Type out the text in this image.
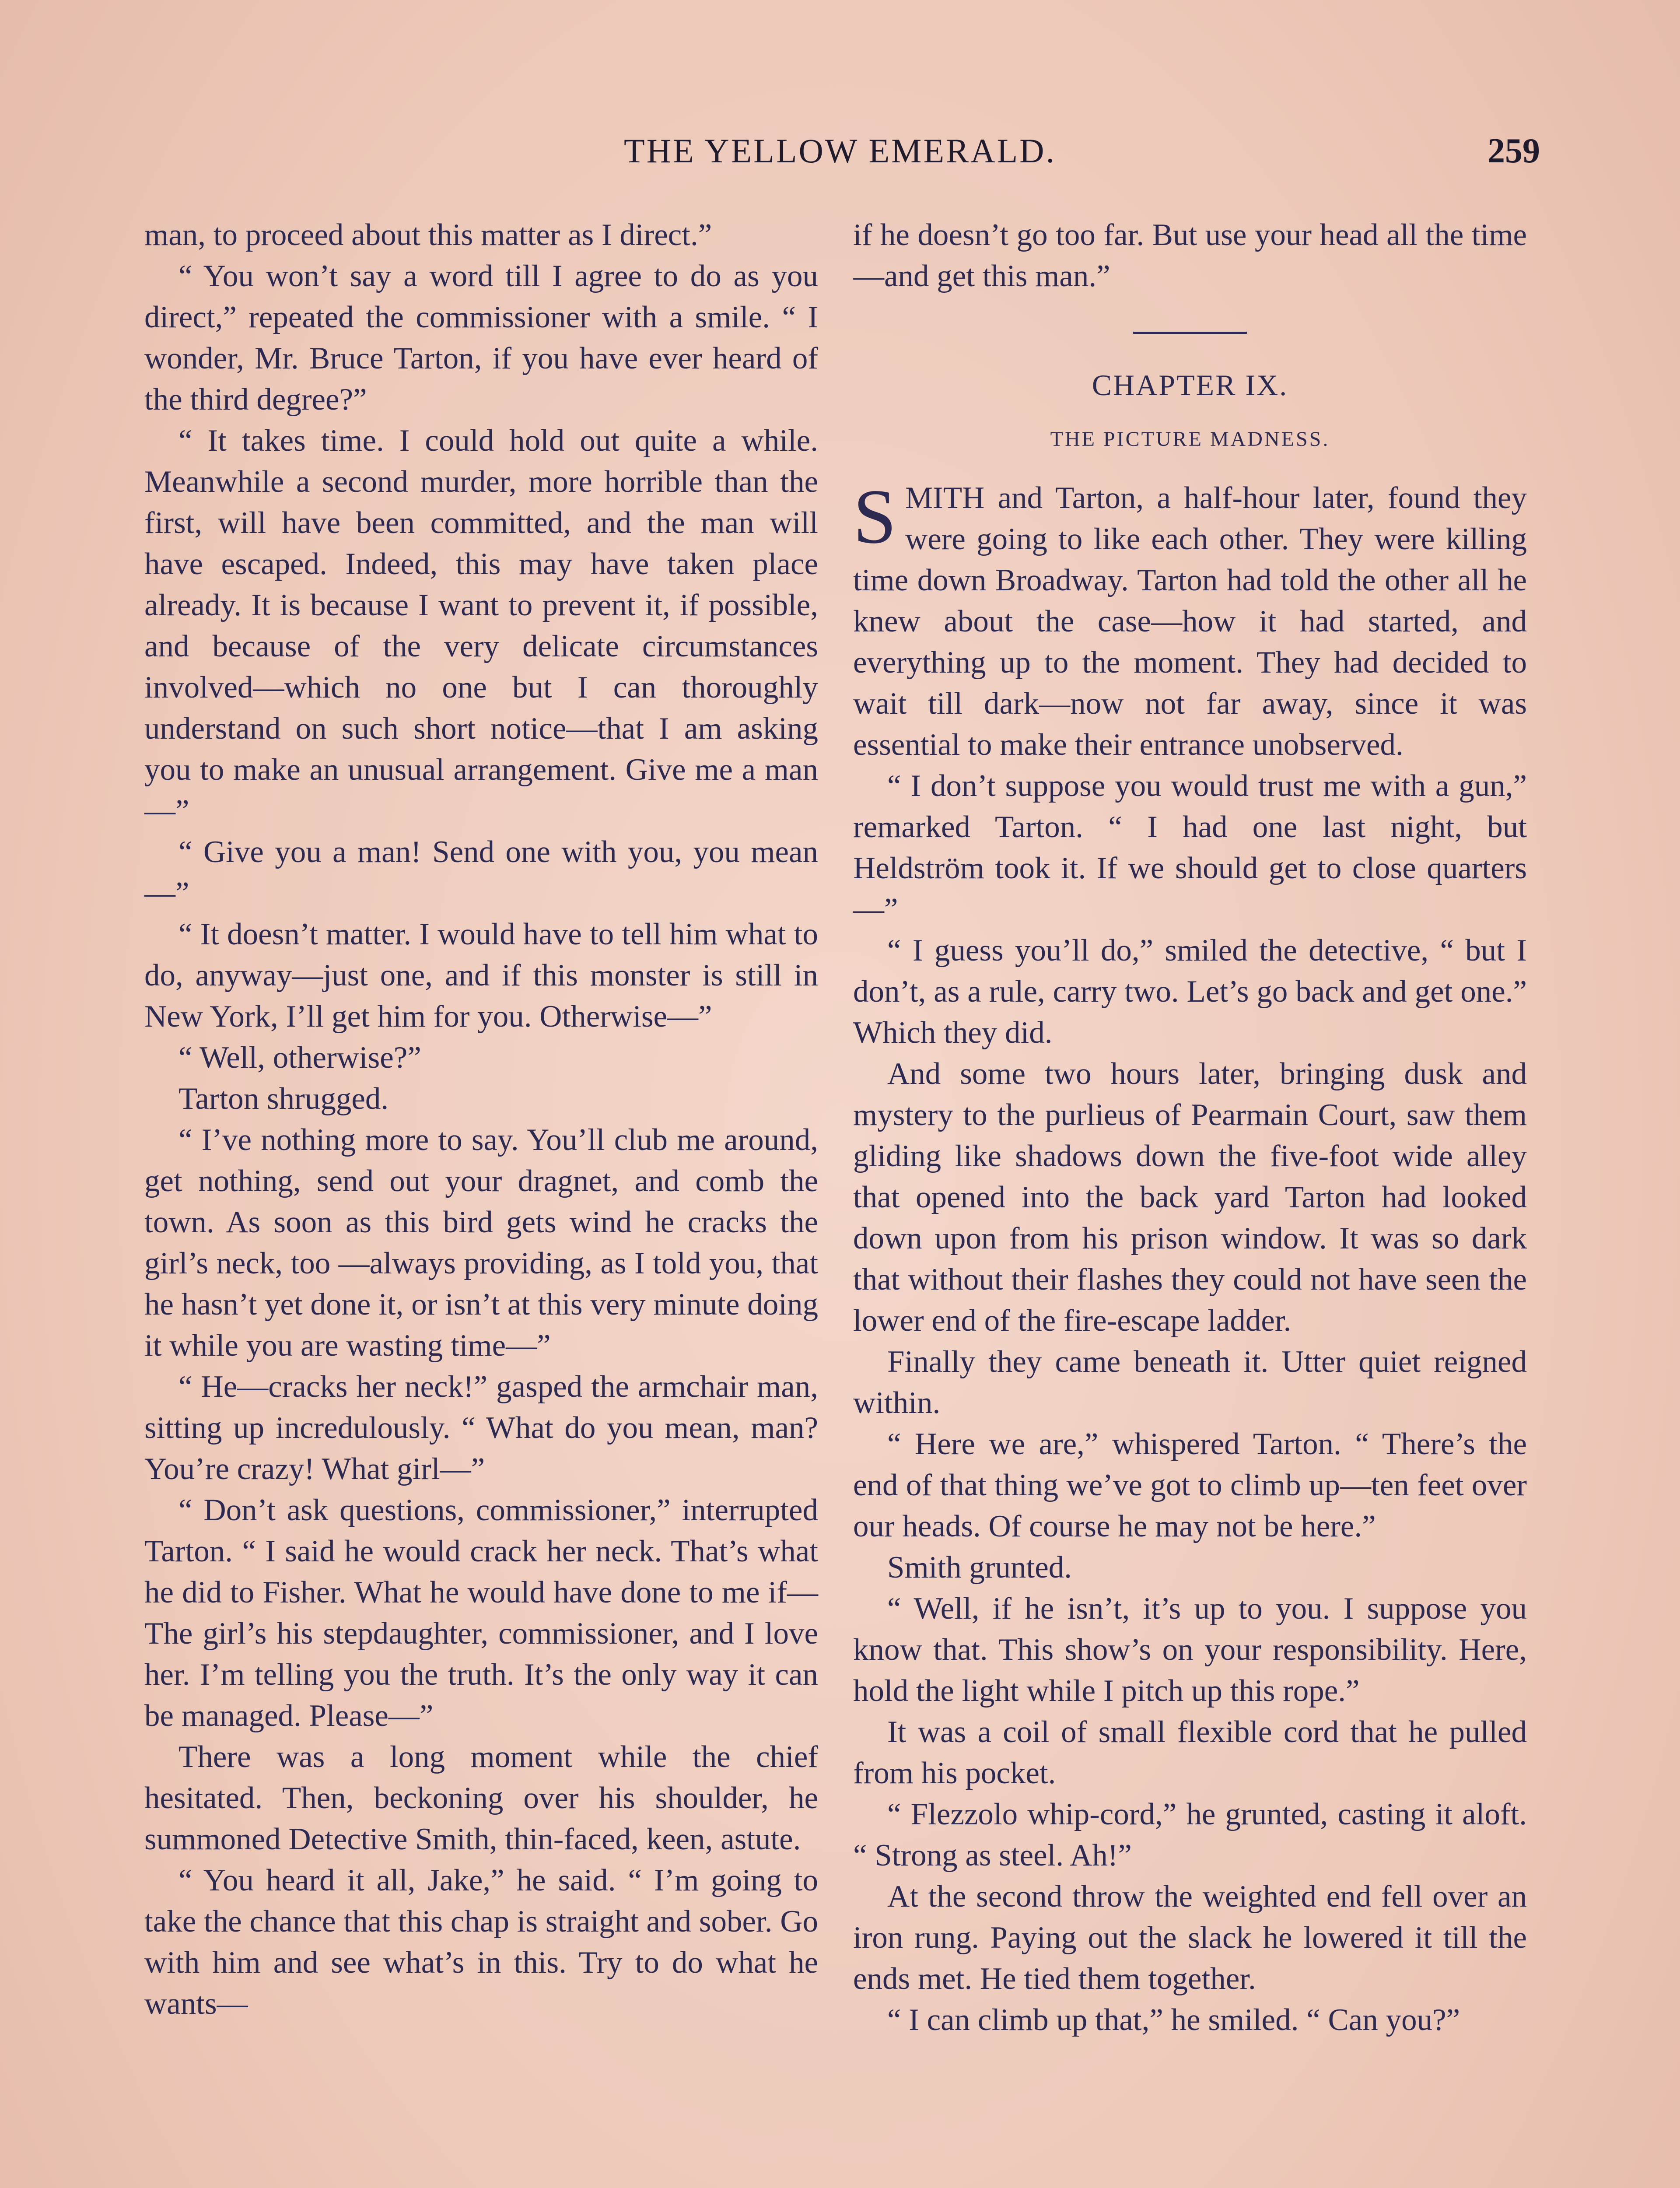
THE YELLOW EMERALD.	259

man, to proceed about this matter as I direct.”

“ You won’t say a word till I agree to do as you direct,” repeated the commissioner with a smile. “ I wonder, Mr. Bruce Tarton, if you have ever heard of the third degree?”

“ It takes time. I could hold out quite a while. Meanwhile a second murder, more horrible than the first, will have been committed, and the man will have escaped. Indeed, this may have taken place already. It is because I want to prevent it, if possible, and because of the very delicate circumstances involved—which no one but I can thoroughly understand on such short notice—that I am asking you to make an unusual arrangement. Give me a man—”

“ Give you a man! Send one with you, you mean—”

“ It doesn’t matter. I would have to tell him what to do, anyway—just one, and if this monster is still in New York, I’ll get him for you. Otherwise—”

“ Well, otherwise?”

Tarton shrugged.

“ I’ve nothing more to say. You’ll club me around, get nothing, send out your dragnet, and comb the town. As soon as this bird gets wind he cracks the girl’s neck, too —always providing, as I told you, that he hasn’t yet done it, or isn’t at this very minute doing it while you are wasting time—”

“ He—cracks her neck!” gasped the armchair man, sitting up incredulously. “ What do you mean, man? You’re crazy! What girl—”

“ Don’t ask questions, commissioner,” interrupted Tarton. “ I said he would crack her neck. That’s what he did to Fisher. What he would have done to me if— The girl’s his stepdaughter, commissioner, and I love her. I’m telling you the truth. It’s the only way it can be managed. Please—”

There was a long moment while the chief hesitated. Then, beckoning over his shoulder, he summoned Detective Smith, thin-faced, keen, astute.

“ You heard it all, Jake,” he said. “ I’m going to take the chance that this chap is straight and sober. Go with him and see what’s in this. Try to do what he wants—

if he doesn’t go too far. But use your head all the time—and get this man.”

CHAPTER IX.
THE PICTURE MADNESS.

SMITH and Tarton, a half-hour later, found they were going to like each other. They were killing time down Broadway. Tarton had told the other all he knew about the case—how it had started, and everything up to the moment. They had decided to wait till dark—now not far away, since it was essential to make their entrance unobserved.

“ I don’t suppose you would trust me with a gun,” remarked Tarton. “ I had one last night, but Heldström took it. If we should get to close quarters—”

“ I guess you’ll do,” smiled the detective, “ but I don’t, as a rule, carry two. Let’s go back and get one.” Which they did.

And some two hours later, bringing dusk and mystery to the purlieus of Pearmain Court, saw them gliding like shadows down the five-foot wide alley that opened into the back yard Tarton had looked down upon from his prison window. It was so dark that without their flashes they could not have seen the lower end of the fire-escape ladder.

Finally they came beneath it. Utter quiet reigned within.

“ Here we are,” whispered Tarton. “ There’s the end of that thing we’ve got to climb up—ten feet over our heads. Of course he may not be here.”

Smith grunted.

“ Well, if he isn’t, it’s up to you. I suppose you know that. This show’s on your responsibility. Here, hold the light while I pitch up this rope.”

It was a coil of small flexible cord that he pulled from his pocket.

“ Flezzolo whip-cord,” he grunted, casting it aloft. “ Strong as steel. Ah!”

At the second throw the weighted end fell over an iron rung. Paying out the slack he lowered it till the ends met. He tied them together.

“ I can climb up that,” he smiled. “ Can you?”
